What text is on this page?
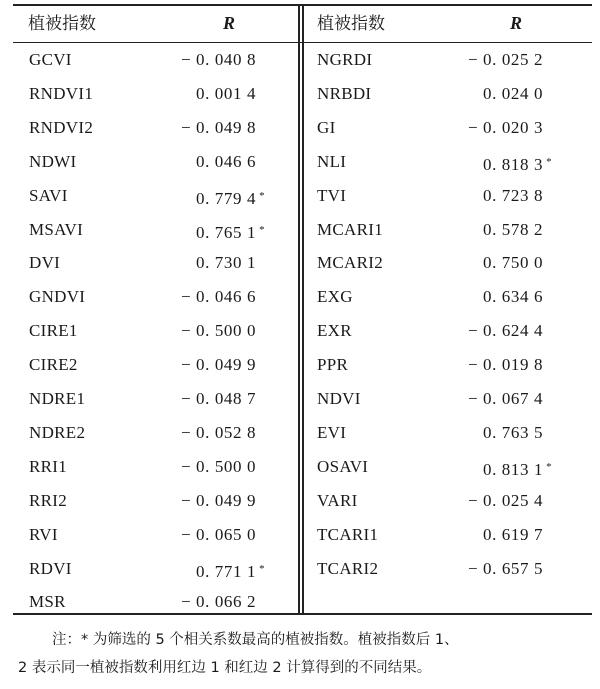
植被指数	R	植被指数	R
GCVI	− 0. 040 8
RNDVI1	0. 001 4
RNDVI2	− 0. 049 8
NDWI	0. 046 6
SAVI	0. 779 4 *
MSAVI	0. 765 1 *
DVI	0. 730 1
GNDVI	− 0. 046 6
CIRE1	− 0. 500 0
CIRE2	− 0. 049 9
NDRE1	− 0. 048 7
NDRE2	− 0. 052 8
RRI1	− 0. 500 0
RRI2	− 0. 049 9
RVI	− 0. 065 0
RDVI	0. 771 1 *
MSR	− 0. 066 2
NGRDI	− 0. 025 2
NRBDI	0. 024 0
GI	− 0. 020 3
NLI	0. 818 3 *
TVI	0. 723 8
MCARI1	0. 578 2
MCARI2	0. 750 0
EXG	0. 634 6
EXR	− 0. 624 4
PPR	− 0. 019 8
NDVI	− 0. 067 4
EVI	0. 763 5
OSAVI	0. 813 1 *
VARI	− 0. 025 4
TCARI1	0. 619 7
TCARI2	− 0. 657 5
注：* 为筛选的 5 个相关系数最高的植被指数。植被指数后 1、
2 表示同一植被指数利用红边 1 和红边 2 计算得到的不同结果。
